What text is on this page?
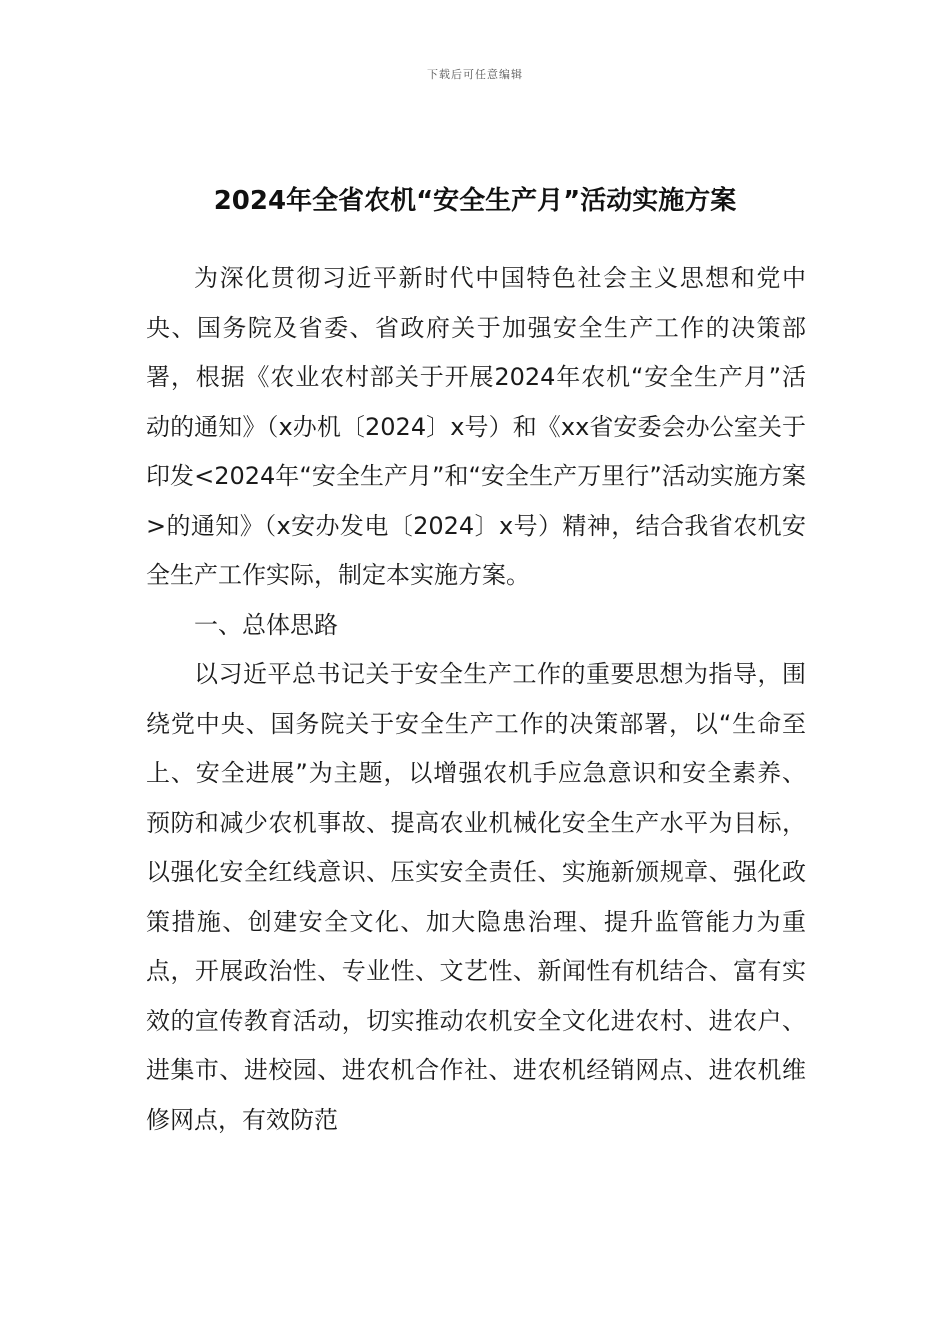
下载后可任意编辑
2024年全省农机“安全生产月”活动实施方案

为深化贯彻习近平新时代中国特色社会主义思想和党中央、国务院及省委、省政府关于加强安全生产工作的决策部署，根据《农业农村部关于开展2024年农机“安全生产月”活动的通知》（x办机〔2024〕x号）和《xx省安委会办公室关于印发<2024年“安全生产月”和“安全生产万里行”活动实施方案>的通知》（x安办发电〔2024〕x号）精神，结合我省农机安全生产工作实际，制定本实施方案。

一、总体思路

以习近平总书记关于安全生产工作的重要思想为指导，围绕党中央、国务院关于安全生产工作的决策部署，以“生命至上、安全进展”为主题，以增强农机手应急意识和安全素养、预防和减少农机事故、提高农业机械化安全生产水平为目标，以强化安全红线意识、压实安全责任、实施新颁规章、强化政策措施、创建安全文化、加大隐患治理、提升监管能力为重点，开展政治性、专业性、文艺性、新闻性有机结合、富有实效的宣传教育活动，切实推动农机安全文化进农村、进农户、进集市、进校园、进农机合作社、进农机经销网点、进农机维修网点，有效防范
